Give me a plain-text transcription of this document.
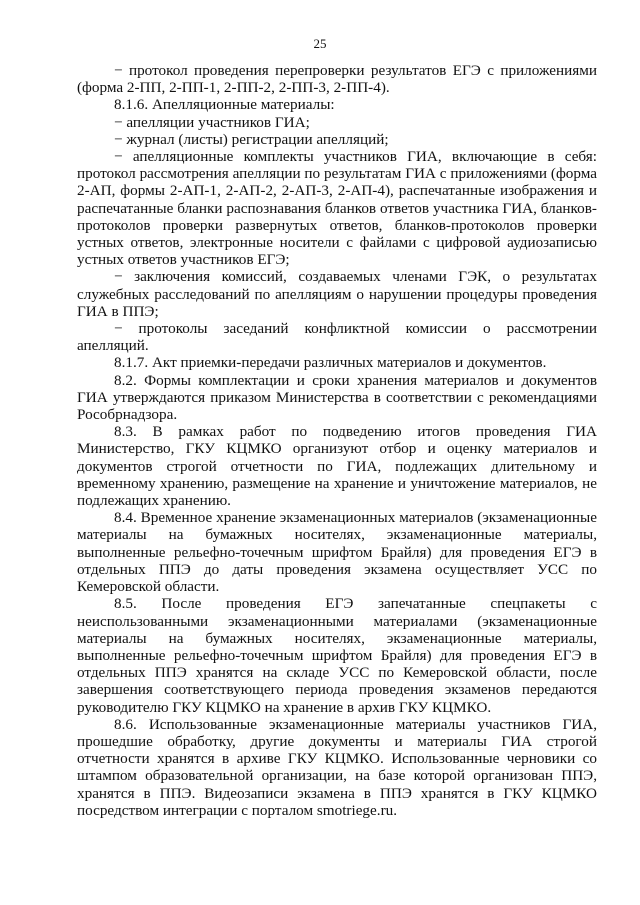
25

− протокол проведения перепроверки результатов ЕГЭ с приложениями (форма 2-ПП, 2-ПП-1, 2-ПП-2, 2-ПП-3, 2-ПП-4).

8.1.6. Апелляционные материалы:

− апелляции участников ГИА;

− журнал (листы) регистрации апелляций;

− апелляционные комплекты участников ГИА, включающие в себя: протокол рассмотрения апелляции по результатам ГИА с приложениями (форма 2-АП, формы 2-АП-1, 2-АП-2, 2-АП-3, 2-АП-4), распечатанные изображения и распечатанные бланки распознавания бланков ответов участника ГИА, бланков-протоколов проверки развернутых ответов, бланков-протоколов проверки устных ответов, электронные носители с файлами с цифровой аудиозаписью устных ответов участников ЕГЭ;

− заключения комиссий, создаваемых членами ГЭК, о результатах служебных расследований по апелляциям о нарушении процедуры проведения ГИА в ППЭ;

− протоколы заседаний конфликтной комиссии о рассмотрении апелляций.

8.1.7. Акт приемки-передачи различных материалов и документов.

8.2. Формы комплектации и сроки хранения материалов и документов ГИА утверждаются приказом Министерства в соответствии с рекомендациями Рособрнадзора.

8.3. В рамках работ по подведению итогов проведения ГИА Министерство, ГКУ КЦМКО организуют отбор и оценку материалов и документов строгой отчетности по ГИА, подлежащих длительному и временному хранению, размещение на хранение и уничтожение материалов, не подлежащих хранению.

8.4. Временное хранение экзаменационных материалов (экзаменационные материалы на бумажных носителях, экзаменационные материалы, выполненные рельефно-точечным шрифтом Брайля) для проведения ЕГЭ в отдельных ППЭ до даты проведения экзамена осуществляет УСС по Кемеровской области.

8.5. После проведения ЕГЭ запечатанные спецпакеты с неиспользованными экзаменационными материалами (экзаменационные материалы на бумажных носителях, экзаменационные материалы, выполненные рельефно-точечным шрифтом Брайля) для проведения ЕГЭ в отдельных ППЭ хранятся на складе УСС по Кемеровской области, после завершения соответствующего периода проведения экзаменов передаются руководителю ГКУ КЦМКО на хранение в архив ГКУ КЦМКО.

8.6. Использованные экзаменационные материалы участников ГИА, прошедшие обработку, другие документы и материалы ГИА строгой отчетности хранятся в архиве ГКУ КЦМКО. Использованные черновики со штампом образовательной организации, на базе которой организован ППЭ, хранятся в ППЭ. Видеозаписи экзамена в ППЭ хранятся в ГКУ КЦМКО посредством интеграции с порталом smotriege.ru.
